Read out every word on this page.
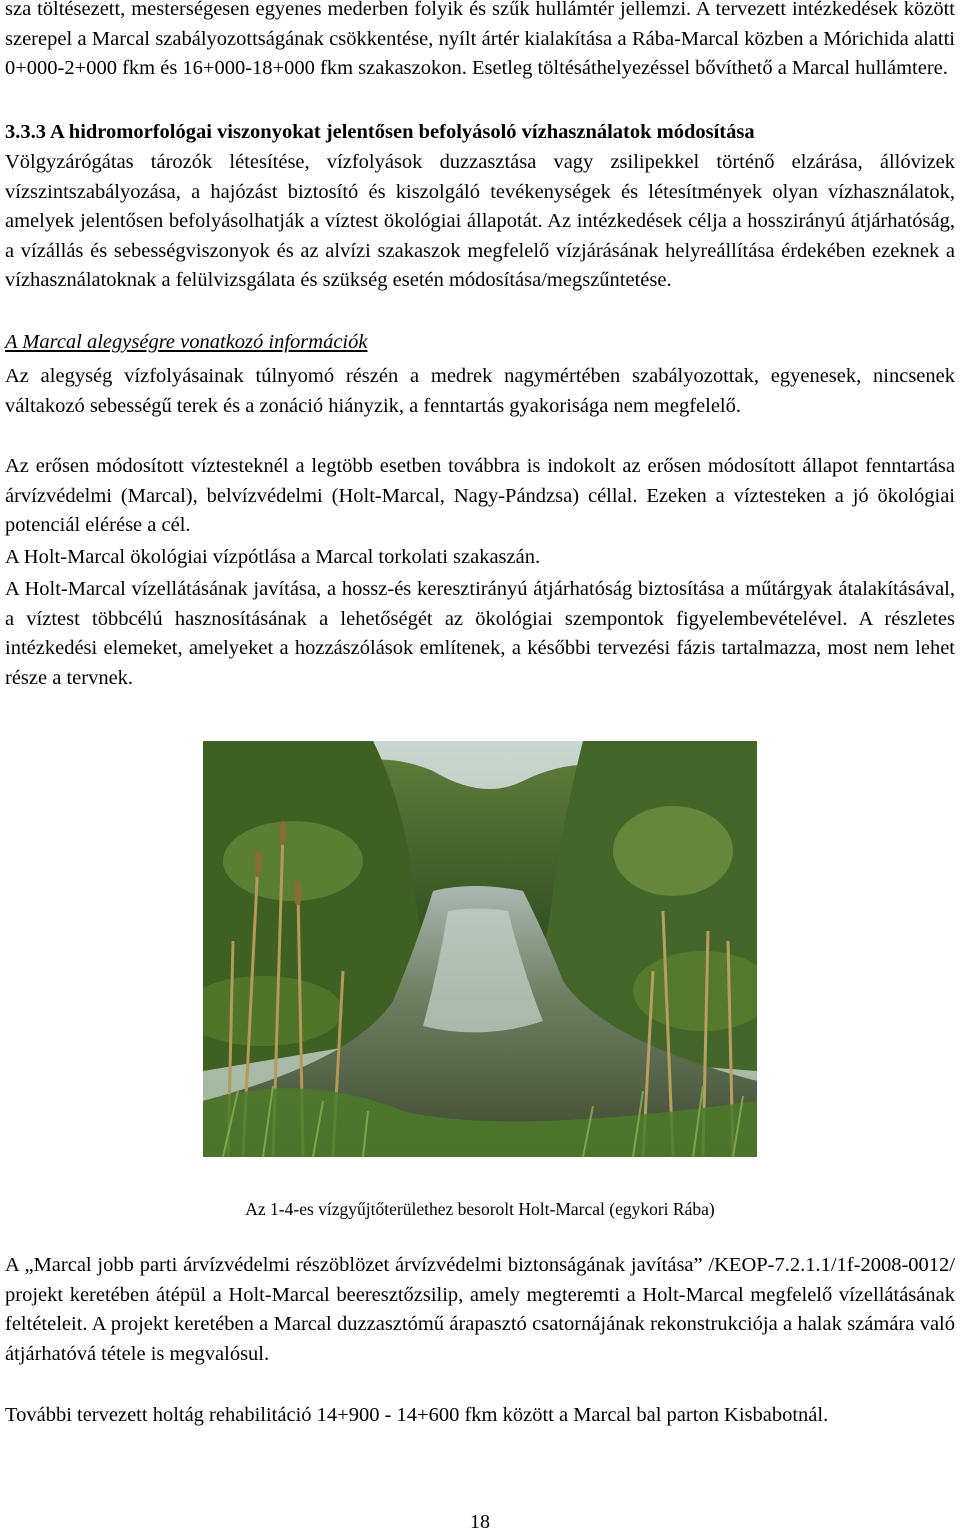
sza töltésezett, mesterségesen egyenes mederben folyik és szűk hullámtér jellemzi. A tervezett intézkedések között szerepel a Marcal szabályozottságának csökkentése, nyílt ártér kialakítása a Rába-Marcal közben a Mórichida alatti 0+000-2+000 fkm és 16+000-18+000 fkm szakaszokon. Esetleg töltésáthelyezéssel bővíthető a Marcal hullámtere.

3.3.3 A hidromorfológai viszonyokat jelentősen befolyásoló vízhasználatok módosítása

Völgyzárógátas tározók létesítése, vízfolyások duzzasztása vagy zsilipekkel történő elzárása, állóvizek vízszintszabályozása, a hajózást biztosító és kiszolgáló tevékenységek és létesítmények olyan vízhasználatok, amelyek jelentősen befolyásolhatják a víztest ökológiai állapotát. Az intézkedések célja a hosszirányú átjárhatóság, a vízállás és sebességviszonyok és az alvízi szakaszok megfelelő vízjárásának helyreállítása érdekében ezeknek a vízhasználatoknak a felülvizsgálata és szükség esetén módosítása/megszűntetése.

A Marcal alegységre vonatkozó információk

Az alegység vízfolyásainak túlnyomó részén a medrek nagymértében szabályozottak, egyenesek, nincsenek váltakozó sebességű terek és a zonáció hiányzik, a fenntartás gyakorisága nem megfelelő.

Az erősen módosított víztesteknél a legtöbb esetben továbbra is indokolt az erősen módosított állapot fenntartása árvízvédelmi (Marcal), belvízvédelmi (Holt-Marcal, Nagy-Pándzsa) céllal. Ezeken a víztesteken a jó ökológiai potenciál elérése a cél.

A Holt-Marcal ökológiai vízpótlása a Marcal torkolati szakaszán.

A Holt-Marcal vízellátásának javítása, a hossz-és keresztirányú átjárhatóság biztosítása a műtárgyak átalakításával, a víztest többcélú hasznosításának a lehetőségét az ökológiai szempontok figyelembevételével. A részletes intézkedési elemeket, amelyeket a hozzászólások említenek, a későbbi tervezési fázis tartalmazza, most nem lehet része a tervnek.

Az 1-4-es vízgyűjtőterülethez besorolt Holt-Marcal (egykori Rába)

A „Marcal jobb parti árvízvédelmi részöblözet árvízvédelmi biztonságának javítása” /KEOP-7.2.1.1/1f-2008-0012/ projekt keretében átépül a Holt-Marcal beeresztőzsilip, amely megteremti a Holt-Marcal megfelelő vízellátásának feltételeit. A projekt keretében a Marcal duzzasztómű árapasztó csatornájának rekonstrukciója a halak számára való átjárhatóvá tétele is megvalósul.

További tervezett holtág rehabilitáció 14+900 - 14+600 fkm között a Marcal bal parton Kisbabotnál.

18
